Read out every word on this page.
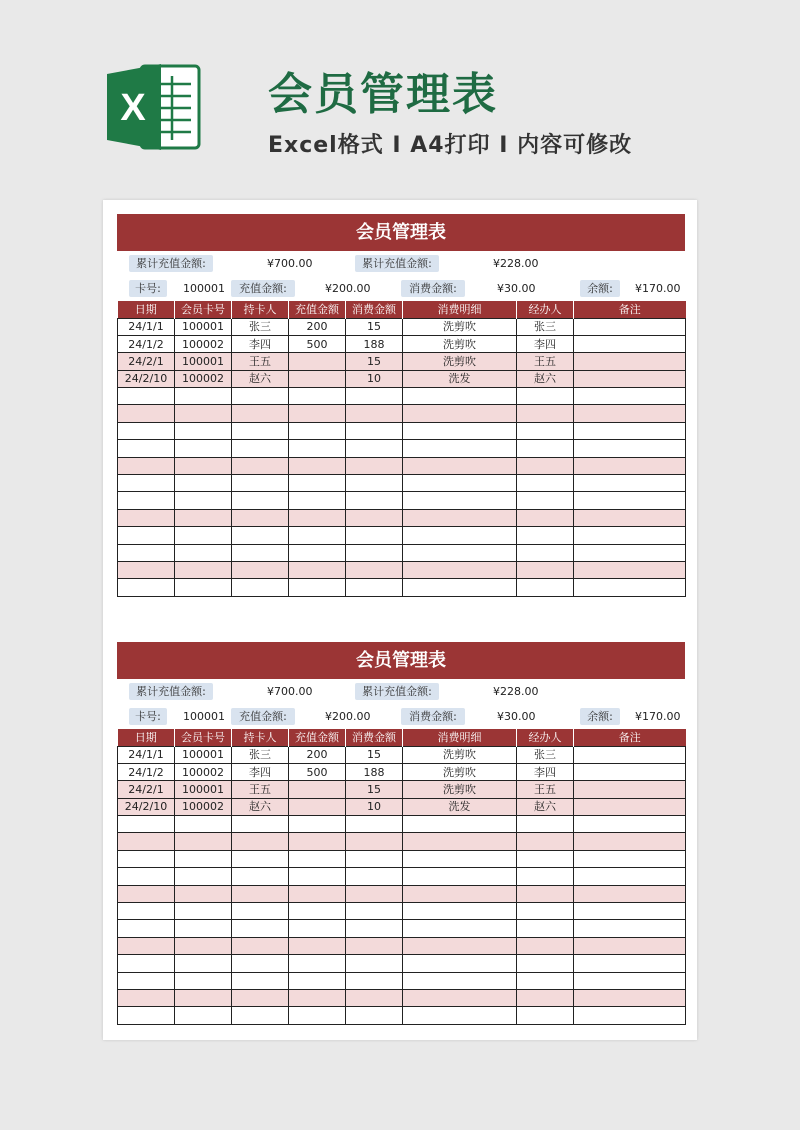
X	会员管理表
Excel格式 I A4打印 I 内容可修改
会员管理表
累计充值金额:	¥700.00	累计充值金额:	¥228.00
卡号:	100001	充值金额:	¥200.00	消费金额:	¥30.00	余额:	¥170.00
日期	会员卡号	持卡人	充值金额	消费金额	消费明细	经办人	备注
24/1/1	100001	张三	200	15	洗剪吹	张三	
24/1/2	100002	李四	500	188	洗剪吹	李四	
24/2/1	100001	王五		15	洗剪吹	王五	
24/2/10	100002	赵六		10	洗发	赵六	

会员管理表
累计充值金额:	¥700.00	累计充值金额:	¥228.00
卡号:	100001	充值金额:	¥200.00	消费金额:	¥30.00	余额:	¥170.00
日期	会员卡号	持卡人	充值金额	消费金额	消费明细	经办人	备注
24/1/1	100001	张三	200	15	洗剪吹	张三	
24/1/2	100002	李四	500	188	洗剪吹	李四	
24/2/1	100001	王五		15	洗剪吹	王五	
24/2/10	100002	赵六		10	洗发	赵六	
